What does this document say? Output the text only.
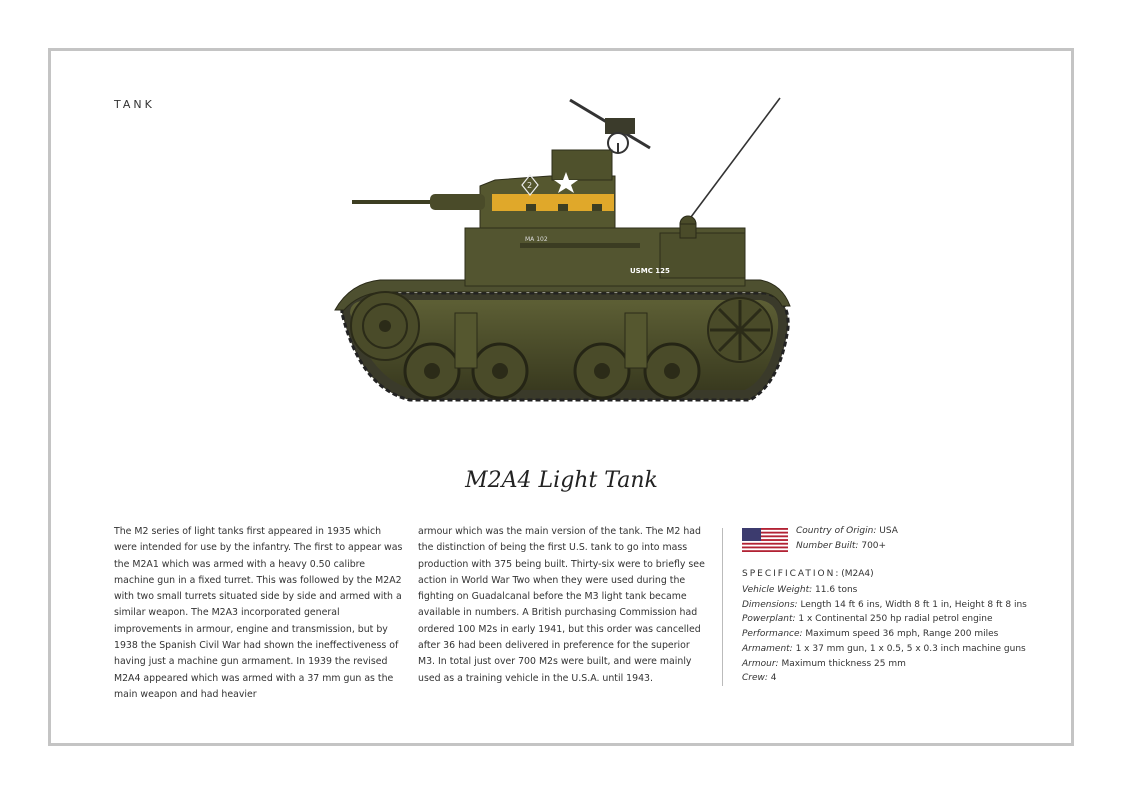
TANK
MA 102
USMC 125
2
M2A4 Light Tank
The M2 series of light tanks first appeared in 1935 which were intended for use by the infantry. The first to appear was the M2A1 which was armed with a heavy 0.50 calibre machine gun in a fixed turret. This was followed by the M2A2 with two small turrets situated side by side and armed with a similar weapon. The M2A3 incorporated general improvements in armour, engine and transmission, but by 1938 the Spanish Civil War had shown the ineffectiveness of having just a machine gun armament. In 1939 the revised M2A4 appeared which was armed with a 37 mm gun as the main weapon and had heavier
armour which was the main version of the tank. The M2 had the distinction of being the first U.S. tank to go into mass production with 375 being built. Thirty-six were to briefly see action in World War Two when they were used during the fighting on Guadalcanal before the M3 light tank became available in numbers. A British purchasing Commission had ordered 100 M2s in early 1941, but this order was cancelled after 36 had been delivered in preference for the superior M3. In total just over 700 M2s were built, and were mainly used as a training vehicle in the U.S.A. until 1943.
Country of Origin: USA
Number Built: 700+
SPECIFICATION: (M2A4)
Vehicle Weight: 11.6 tons
Dimensions: Length 14 ft 6 ins, Width 8 ft 1 in, Height 8 ft 8 ins
Powerplant: 1 x Continental 250 hp radial petrol engine
Performance: Maximum speed 36 mph, Range 200 miles
Armament: 1 x 37 mm gun, 1 x 0.5, 5 x 0.3 inch machine guns
Armour: Maximum thickness 25 mm
Crew: 4
